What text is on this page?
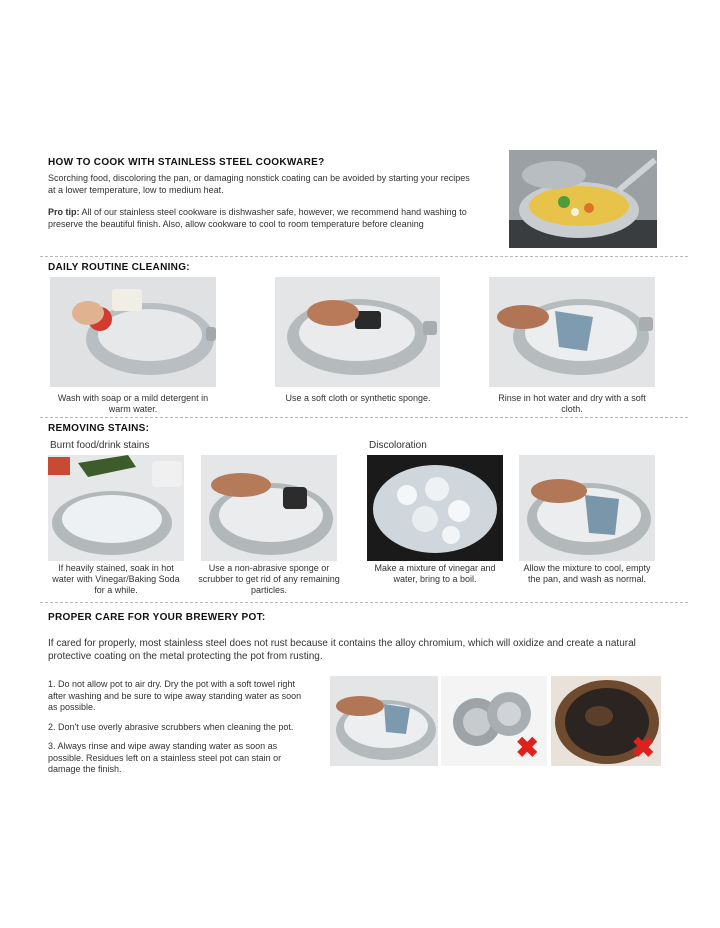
HOW TO COOK WITH STAINLESS STEEL COOKWARE?
Scorching food, discoloring the pan, or damaging nonstick coating can be avoided by starting your recipes at a lower temperature, low to medium heat.
Pro tip: All of our stainless steel cookware is dishwasher safe, however, we recommend hand washing to preserve the beautiful finish. Also, allow cookware to cool to room temperature before cleaning
DAILY ROUTINE CLEANING:
Wash with soap or a mild detergent in warm water.
Use a soft cloth or synthetic sponge.	Rinse in hot water and dry with a soft cloth.
REMOVING STAINS:
Burnt food/drink stains	Discoloration
If heavily stained, soak in hot water with Vinegar/Baking Soda for a while.
Use a non-abrasive sponge or scrubber to get rid of any remaining particles.
Make a mixture of vinegar and water, bring to a boil.
Allow the mixture to cool, empty the pan, and wash as normal.
PROPER CARE FOR YOUR BREWERY POT:
If cared for properly, most stainless steel does not rust because it contains the alloy chromium, which will oxidize and create a natural protective coating on the metal protecting the pot from rusting.
1. Do not allow pot to air dry. Dry the pot with a soft towel right after washing and be sure to wipe away standing water as soon as possible.
2. Don't use overly abrasive scrubbers when cleaning the pot.
3. Always rinse and wipe away standing water as soon as possible. Residues left on a stainless steel pot can stain or damage the finish.
✖	✖
